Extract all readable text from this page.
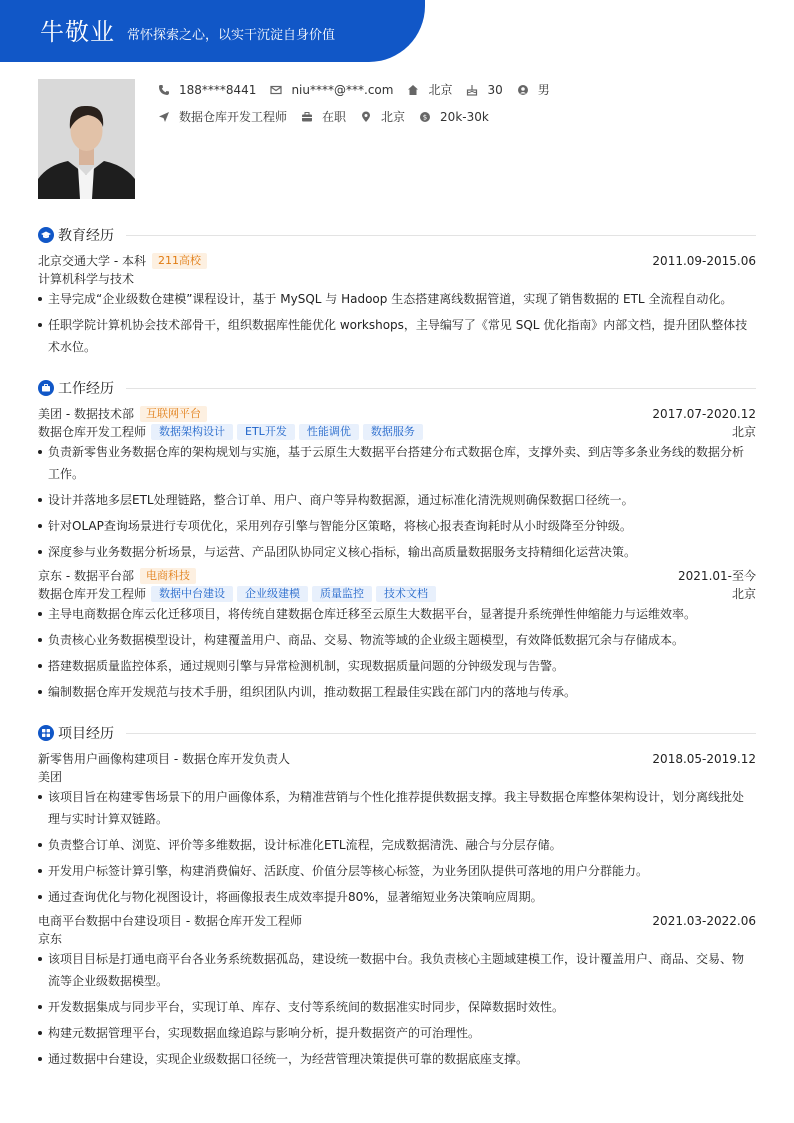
牛敬业 常怀探索之心，以实干沉淀自身价值
188****8441	niu****@***.com	北京	30	男
数据仓库开发工程师	在职	北京	$ 20k-30k
教育经历
北京交通大学 - 本科	211高校	2011.09-2015.06
计算机科学与技术
主导完成“企业级数仓建模”课程设计，基于 MySQL 与 Hadoop 生态搭建离线数据管道，实现了销售数据的 ETL 全流程自动化。
任职学院计算机协会技术部骨干，组织数据库性能优化 workshops，主导编写了《常见 SQL 优化指南》内部文档，提升团队整体技术水位。
工作经历
美团 - 数据技术部	互联网平台	2017.07-2020.12
数据仓库开发工程师	数据架构设计	ETL开发	性能调优	数据服务	北京
负责新零售业务数据仓库的架构规划与实施，基于云原生大数据平台搭建分布式数据仓库，支撑外卖、到店等多条业务线的数据分析工作。
设计并落地多层ETL处理链路，整合订单、用户、商户等异构数据源，通过标准化清洗规则确保数据口径统一。
针对OLAP查询场景进行专项优化，采用列存引擎与智能分区策略，将核心报表查询耗时从小时级降至分钟级。
深度参与业务数据分析场景，与运营、产品团队协同定义核心指标，输出高质量数据服务支持精细化运营决策。
京东 - 数据平台部	电商科技	2021.01-至今
数据仓库开发工程师	数据中台建设	企业级建模	质量监控	技术文档	北京
主导电商数据仓库云化迁移项目，将传统自建数据仓库迁移至云原生大数据平台，显著提升系统弹性伸缩能力与运维效率。
负责核心业务数据模型设计，构建覆盖用户、商品、交易、物流等域的企业级主题模型，有效降低数据冗余与存储成本。
搭建数据质量监控体系，通过规则引擎与异常检测机制，实现数据质量问题的分钟级发现与告警。
编制数据仓库开发规范与技术手册，组织团队内训，推动数据工程最佳实践在部门内的落地与传承。
项目经历
新零售用户画像构建项目 - 数据仓库开发负责人	2018.05-2019.12
美团
该项目旨在构建零售场景下的用户画像体系，为精准营销与个性化推荐提供数据支撑。我主导数据仓库整体架构设计，划分离线批处理与实时计算双链路。
负责整合订单、浏览、评价等多维数据，设计标准化ETL流程，完成数据清洗、融合与分层存储。
开发用户标签计算引擎，构建消费偏好、活跃度、价值分层等核心标签，为业务团队提供可落地的用户分群能力。
通过查询优化与物化视图设计，将画像报表生成效率提升80%，显著缩短业务决策响应周期。
电商平台数据中台建设项目 - 数据仓库开发工程师	2021.03-2022.06
京东
该项目目标是打通电商平台各业务系统数据孤岛，建设统一数据中台。我负责核心主题域建模工作，设计覆盖用户、商品、交易、物流等企业级数据模型。
开发数据集成与同步平台，实现订单、库存、支付等系统间的数据准实时同步，保障数据时效性。
构建元数据管理平台，实现数据血缘追踪与影响分析，提升数据资产的可治理性。
通过数据中台建设，实现企业级数据口径统一，为经营管理决策提供可靠的数据底座支撑。
